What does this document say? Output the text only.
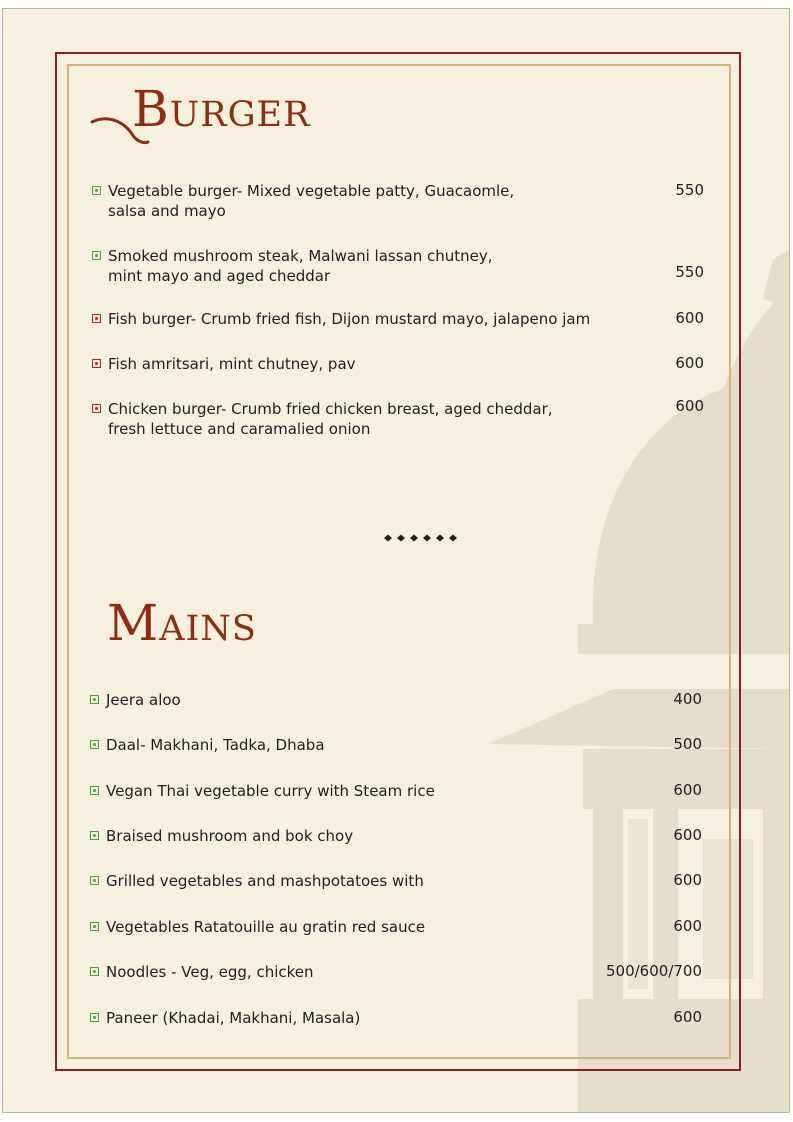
Burger
Mains
Vegetable burger- Mixed vegetable patty, Guacaomle,
salsa and mayo
550
Smoked mushroom steak, Malwani lassan chutney,
mint mayo and aged cheddar	550
Fish burger- Crumb fried fish, Dijon mustard mayo, jalapeno jam	600
Fish amritsari, mint chutney, pav	600
Chicken burger- Crumb fried chicken breast, aged cheddar,
fresh lettuce and caramalied onion
600
Jeera aloo	400
Daal- Makhani, Tadka, Dhaba	500
Vegan Thai vegetable curry with Steam rice	600
Braised mushroom and bok choy	600
Grilled vegetables and mashpotatoes with	600
Vegetables Ratatouille au gratin red sauce	600
Noodles - Veg, egg, chicken	500/600/700
Paneer (Khadai, Makhani, Masala)	600
